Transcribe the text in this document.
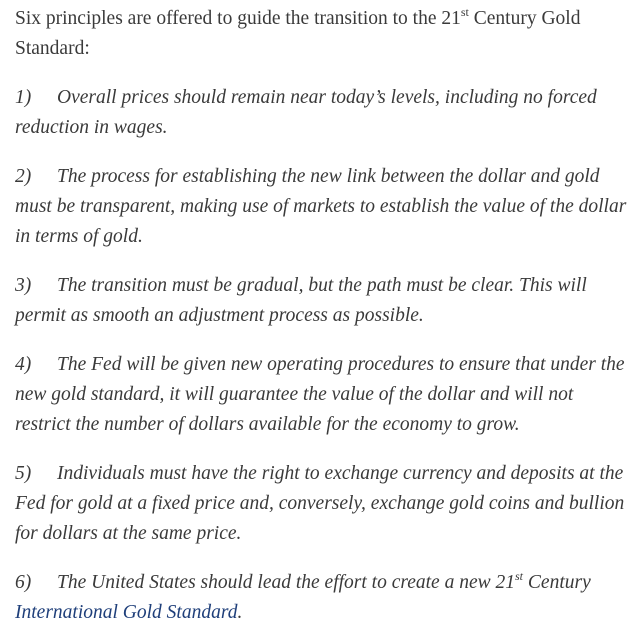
Six principles are offered to guide the transition to the 21st Century Gold Standard:

1) Overall prices should remain near today’s levels, including no forced reduction in wages.

2) The process for establishing the new link between the dollar and gold must be transparent, making use of markets to establish the value of the dollar in terms of gold.

3) The transition must be gradual, but the path must be clear. This will permit as smooth an adjustment process as possible.

4) The Fed will be given new operating procedures to ensure that under the new gold standard, it will guarantee the value of the dollar and will not restrict the number of dollars available for the economy to grow.

5) Individuals must have the right to exchange currency and deposits at the Fed for gold at a fixed price and, conversely, exchange gold coins and bullion for dollars at the same price.

6) The United States should lead the effort to create a new 21st Century International Gold Standard.
